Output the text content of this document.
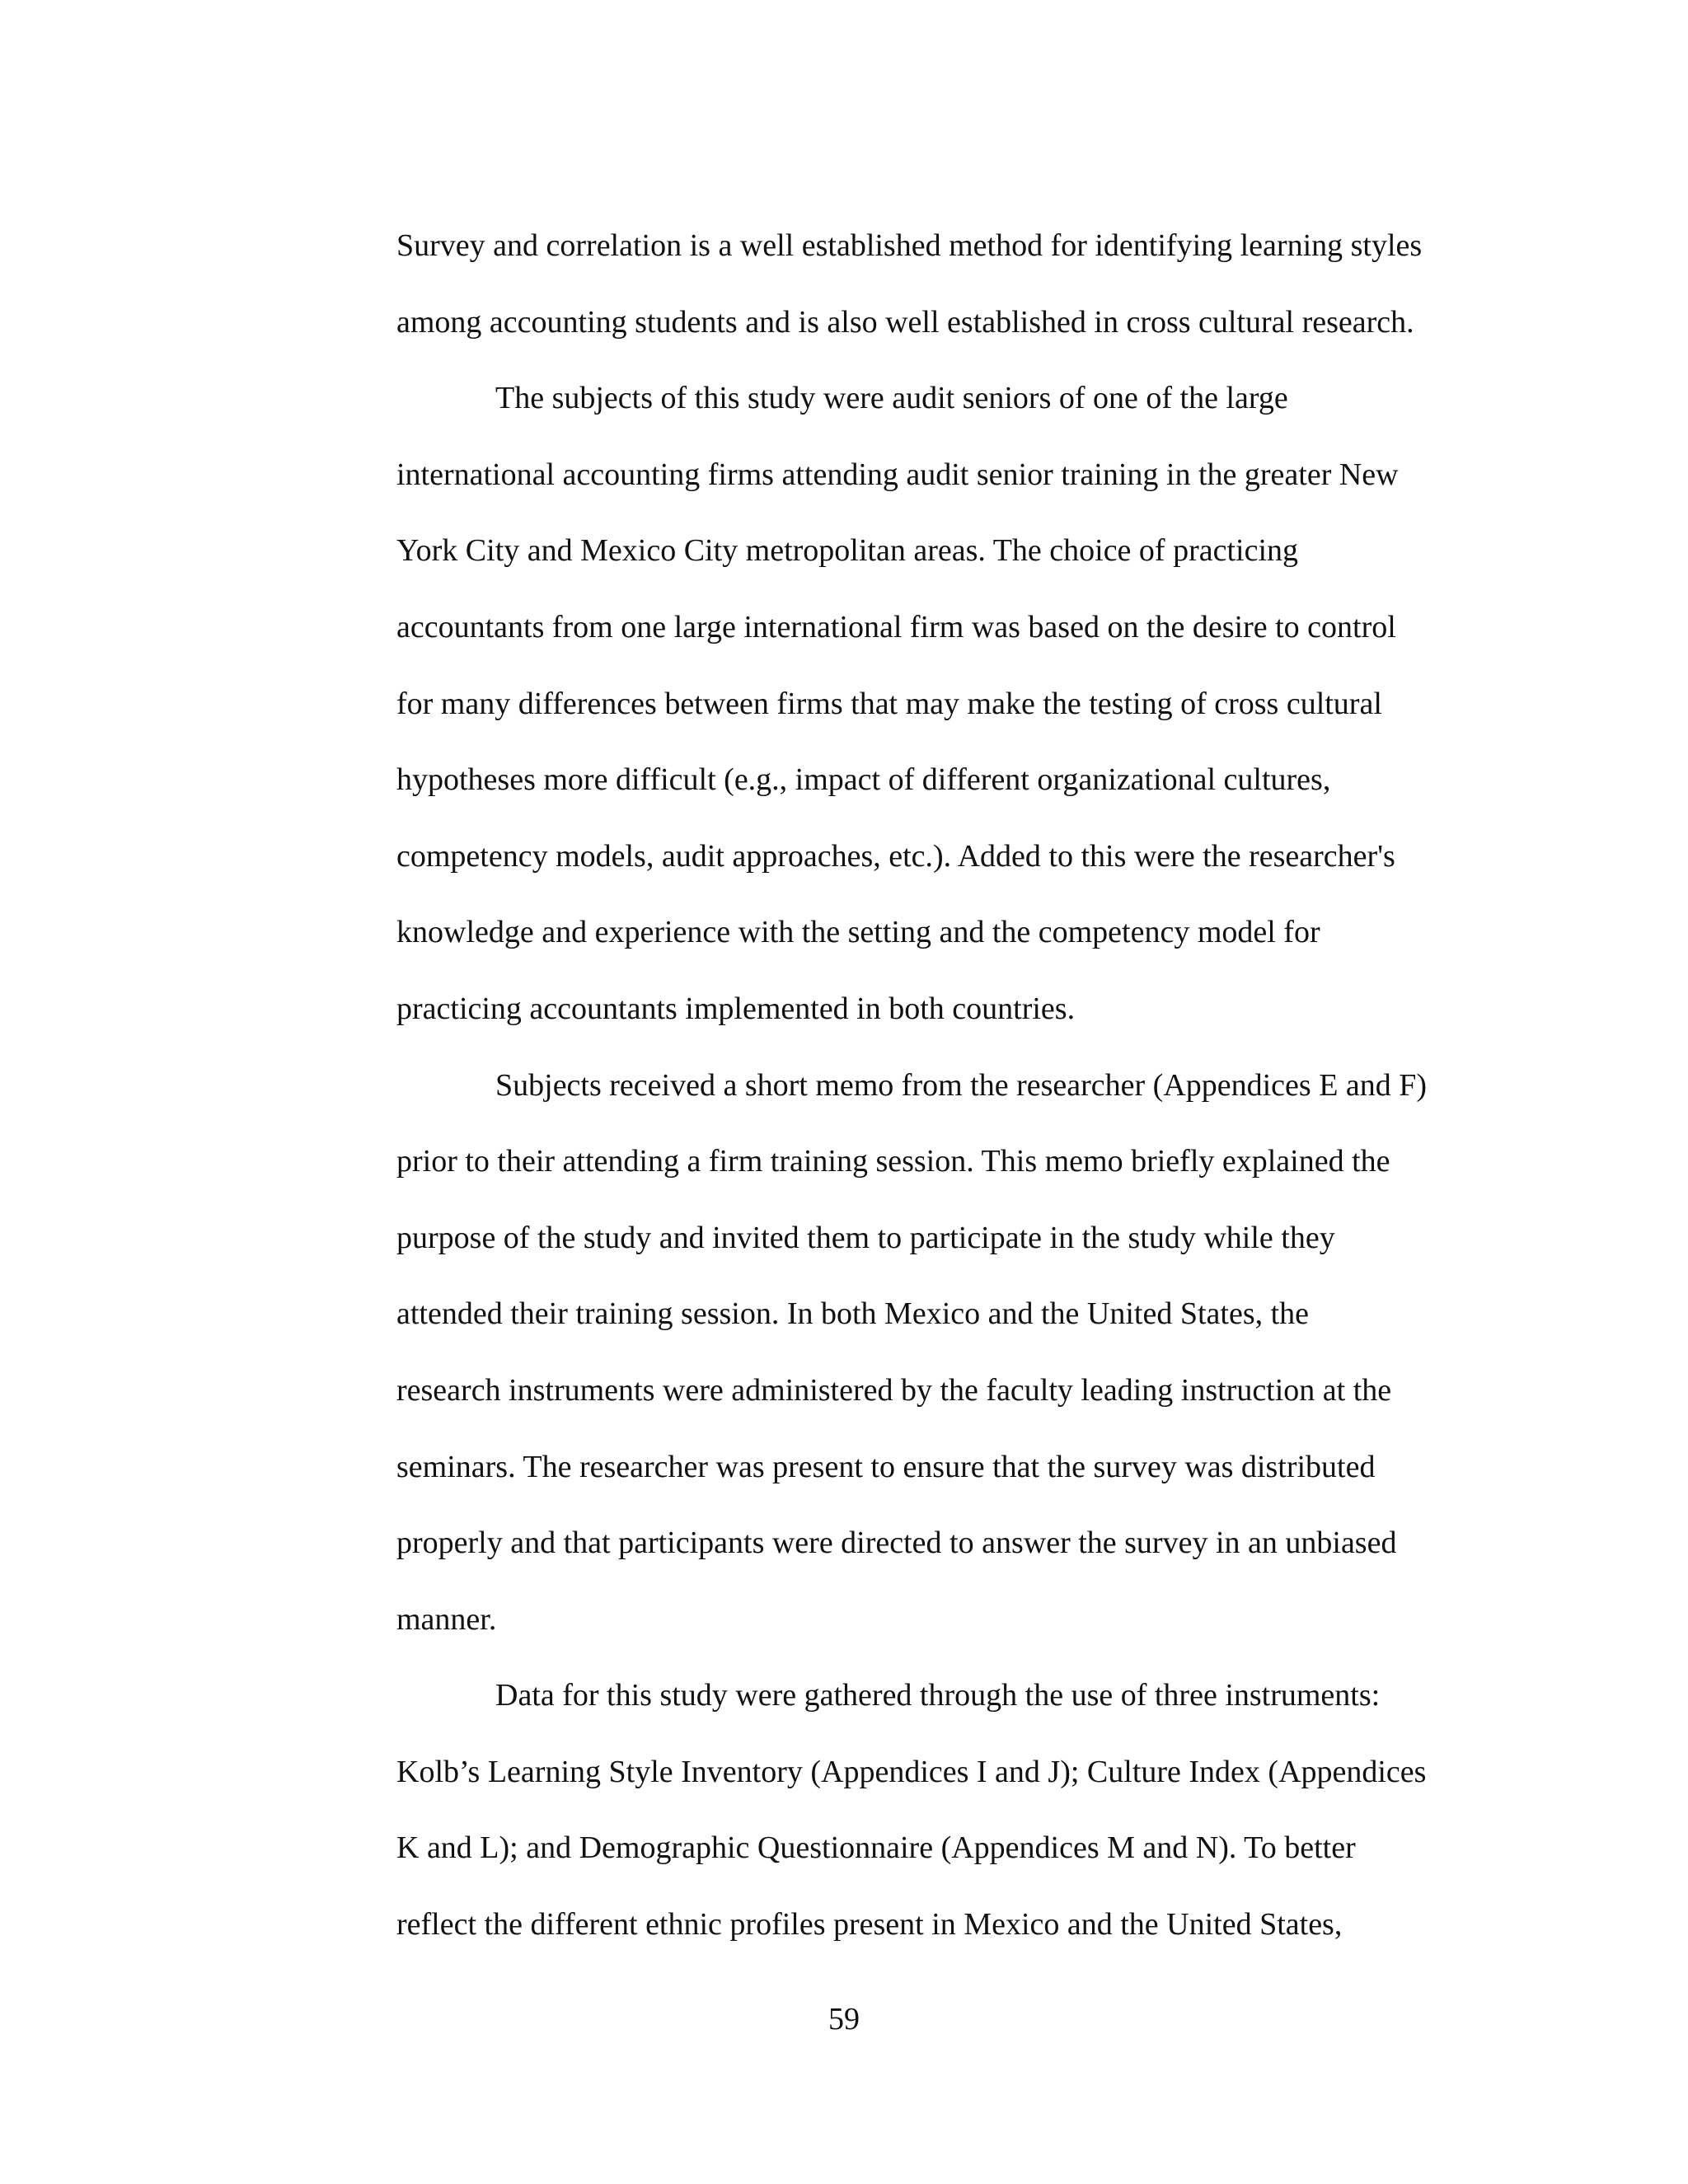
Survey and correlation is a well established method for identifying learning styles
among accounting students and is also well established in cross cultural research.
The subjects of this study were audit seniors of one of the large
international accounting firms attending audit senior training in the greater New
York City and Mexico City metropolitan areas. The choice of practicing
accountants from one large international firm was based on the desire to control
for many differences between firms that may make the testing of cross cultural
hypotheses more difficult (e.g., impact of different organizational cultures,
competency models, audit approaches, etc.). Added to this were the researcher's
knowledge and experience with the setting and the competency model for
practicing accountants implemented in both countries.
Subjects received a short memo from the researcher (Appendices E and F)
prior to their attending a firm training session. This memo briefly explained the
purpose of the study and invited them to participate in the study while they
attended their training session. In both Mexico and the United States, the
research instruments were administered by the faculty leading instruction at the
seminars. The researcher was present to ensure that the survey was distributed
properly and that participants were directed to answer the survey in an unbiased
manner.
Data for this study were gathered through the use of three instruments:
Kolb’s Learning Style Inventory (Appendices I and J); Culture Index (Appendices
K and L); and Demographic Questionnaire (Appendices M and N). To better
reflect the different ethnic profiles present in Mexico and the United States,
59
